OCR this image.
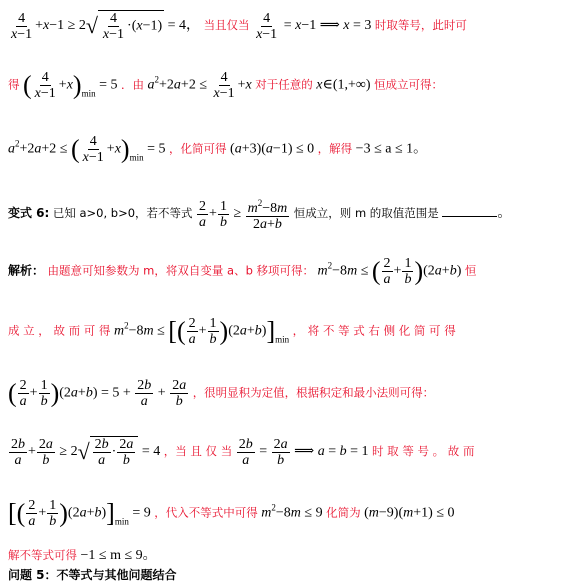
$\frac{4}{x-1} +x-1 \ge 2√ \frac{4}{x-1} \cdot(x-1) = 4$， 当且仅当 $\frac{4}{x-1} = x-1$ ⟹ x = 3 时取等号，此时可
得 ( $\frac{4}{x-1} +x)_{min} = 5$ ．由 $a^2+2a+2 \le \frac{4}{x-1} +x$ 对于任意的 x∈(1,+∞) 恒成立可得：
$a^2+2a+2$ ≤ ( $\frac{4}{x-1} +x)_{min} = 5$ ，化简可得 (a+3)(a−1) ≤ 0 ，解得 −3 ≤ a ≤ 1。
变式 6: 已知 a>0, b>0，若不等式 $\frac{2}{a} + \frac{1}{b} \ge \frac{m^2-8m}{2a+b}$ 恒成立，则 m 的取值范围是	。
解析： 由题意可知参数为 m，将双自变量 a、b 移项可得： $m^2-8m$ ≤ ( $\frac{2}{a} + \frac{1}{b} )(2a+b)$ 恒
成 立 ， 故 而 可 得 $m^2-8m$ ≤ [( $\frac{2}{a} + \frac{1}{b} )(2a+b)]_{min}$ ， 将 不 等 式 右 侧 化 简 可 得
( $\frac{2}{a} + \frac{1}{b} )(2a+b) = 5 + \frac{2b}{a} + \frac{2a}{b}$ ，很明显积为定值，根据积定和最小法则可得：
$\frac{2b}{a} + \frac{2a}{b} \ge 2√ \frac{2b}{a} \cdot \frac{2a}{b} = 4$ ，当 且 仅 当 $\frac{2b}{a} = \frac{2a}{b}$ ⟹ a = b = 1 时 取 等 号 。 故 而
[( $\frac{2}{a} + \frac{1}{b} )(2a+b)]_{min} = 9$ ，代入不等式中可得 $m^2-8m \le 9$ 化简为 (m−9)(m+1) ≤ 0
解不等式可得 −1 ≤ m ≤ 9。
问题 5：不等式与其他问题结合
